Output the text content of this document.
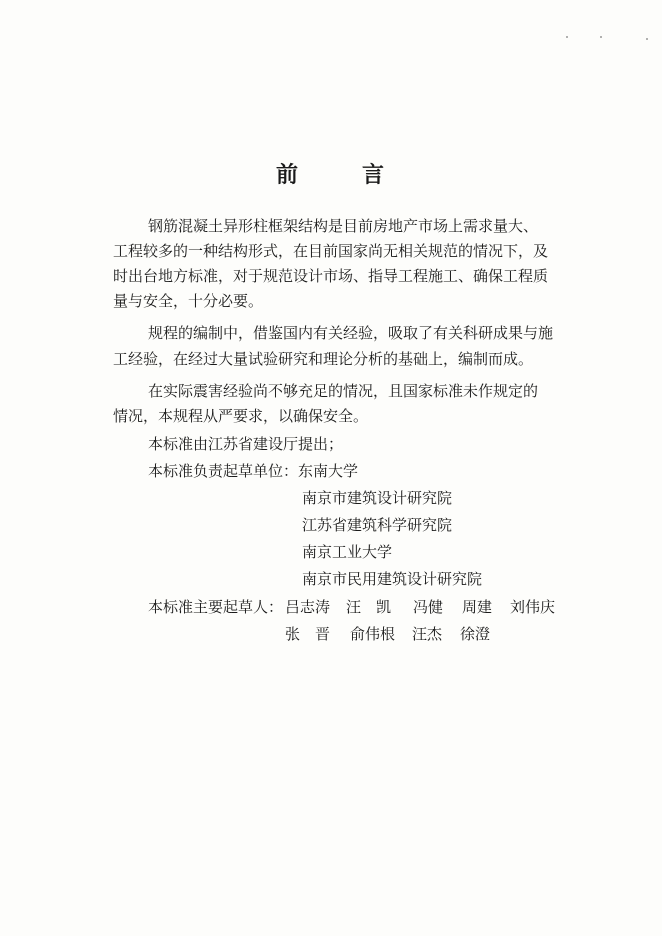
前	言
钢筋混凝土异形柱框架结构是目前房地产市场上需求量大、
工程较多的一种结构形式，在目前国家尚无相关规范的情况下，及
时出台地方标准，对于规范设计市场、指导工程施工、确保工程质
量与安全，十分必要。
规程的编制中，借鉴国内有关经验，吸取了有关科研成果与施
工经验，在经过大量试验研究和理论分析的基础上，编制而成。
在实际震害经验尚不够充足的情况，且国家标准未作规定的
情况，本规程从严要求，以确保安全。
本标准由江苏省建设厅提出；
本标准负责起草单位：东南大学
南京市建筑设计研究院
江苏省建筑科学研究院
南京工业大学
南京市民用建筑设计研究院
本标准主要起草人： 吕志涛 汪　凯 冯健 周建 刘伟庆
张　晋 俞伟根 汪杰 徐澄
